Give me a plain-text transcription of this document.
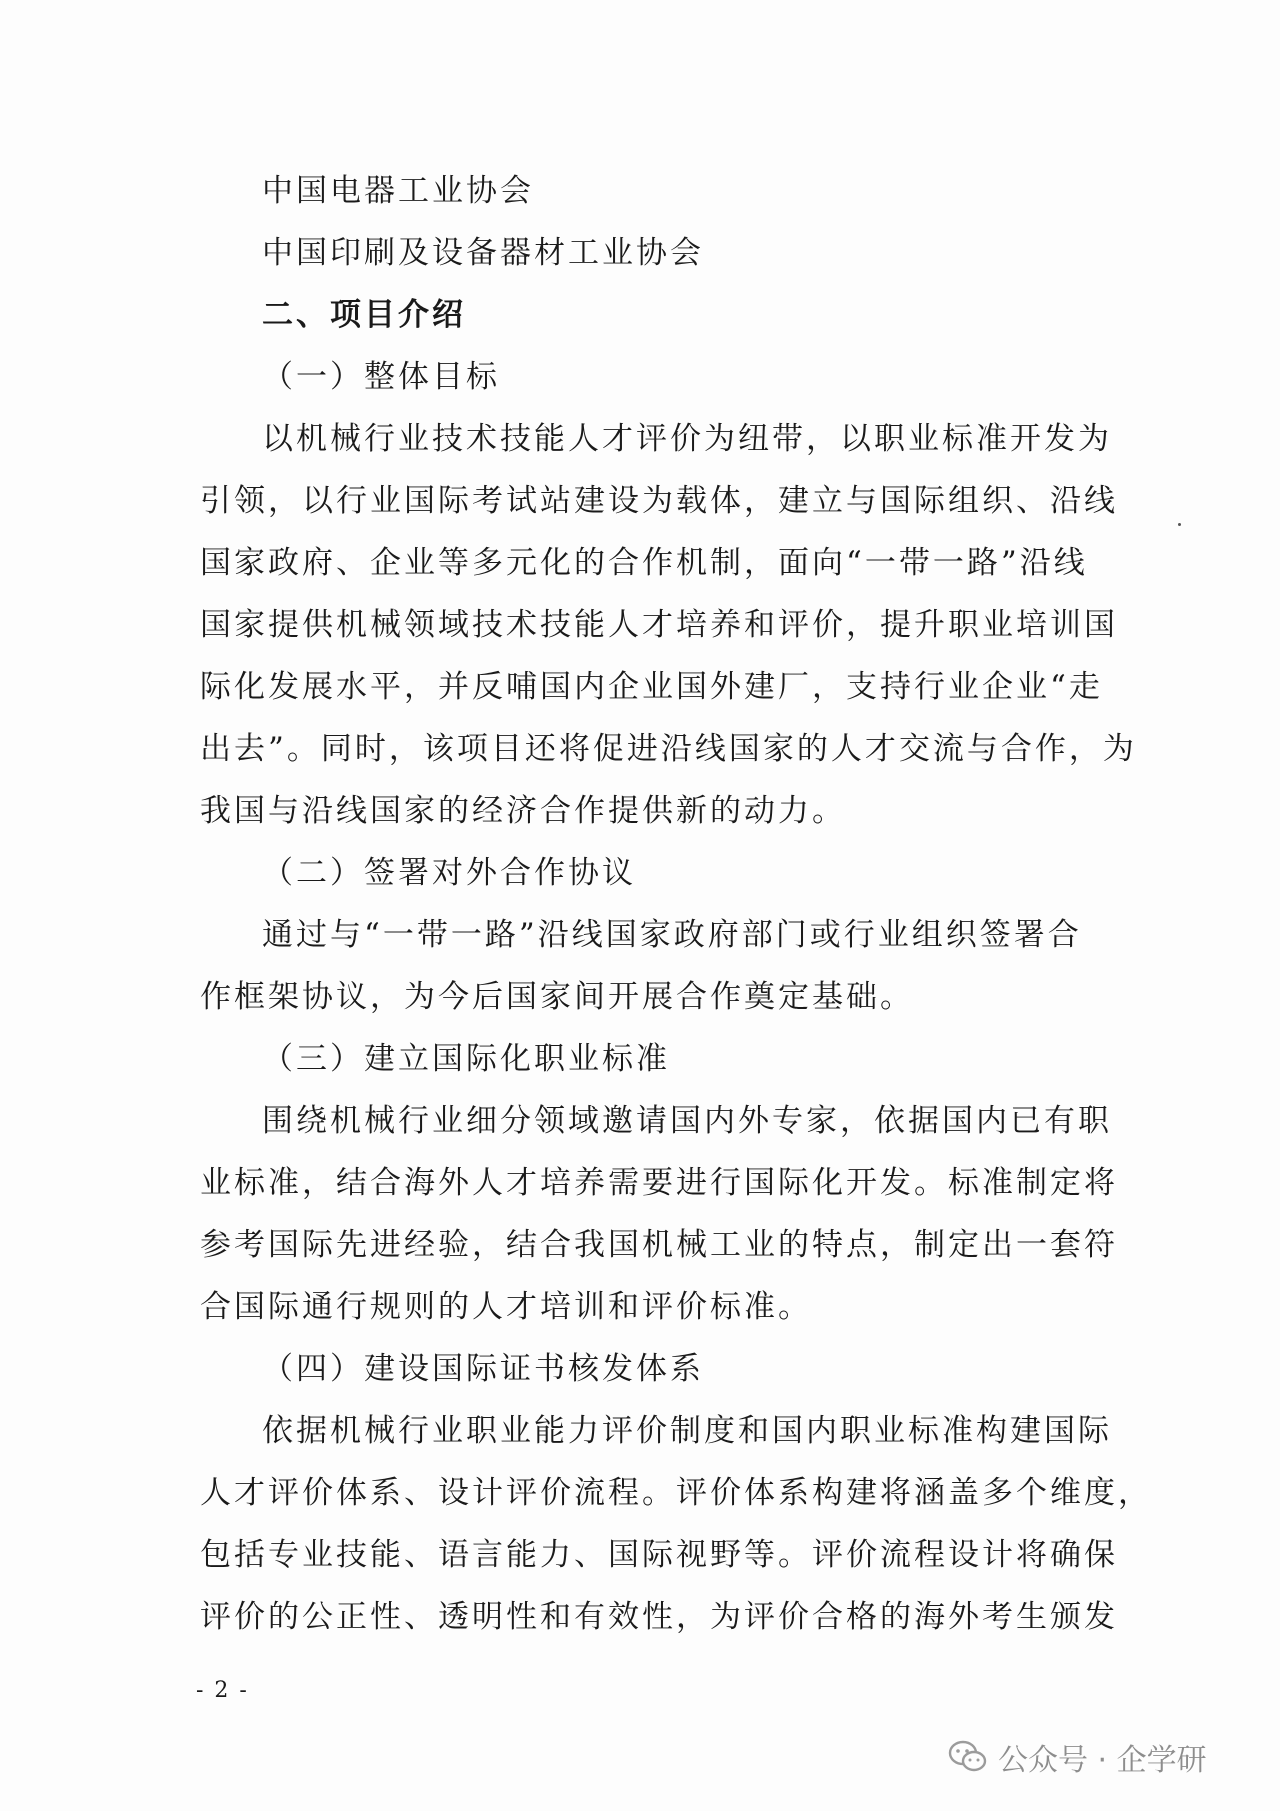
中国电器工业协会
中国印刷及设备器材工业协会
二、项目介绍
（一）整体目标
以机械行业技术技能人才评价为纽带，以职业标准开发为
引领，以行业国际考试站建设为载体，建立与国际组织、沿线
国家政府、企业等多元化的合作机制，面向“一带一路”沿线
国家提供机械领域技术技能人才培养和评价，提升职业培训国
际化发展水平，并反哺国内企业国外建厂，支持行业企业“走
出去”。同时，该项目还将促进沿线国家的人才交流与合作，为
我国与沿线国家的经济合作提供新的动力。
（二）签署对外合作协议
通过与“一带一路”沿线国家政府部门或行业组织签署合
作框架协议，为今后国家间开展合作奠定基础。
（三）建立国际化职业标准
围绕机械行业细分领域邀请国内外专家，依据国内已有职
业标准，结合海外人才培养需要进行国际化开发。标准制定将
参考国际先进经验，结合我国机械工业的特点，制定出一套符
合国际通行规则的人才培训和评价标准。
（四）建设国际证书核发体系
依据机械行业职业能力评价制度和国内职业标准构建国际
人才评价体系、设计评价流程。评价体系构建将涵盖多个维度，
包括专业技能、语言能力、国际视野等。评价流程设计将确保
评价的公正性、透明性和有效性，为评价合格的海外考生颁发
- 2 -
公众号 · 企学研
